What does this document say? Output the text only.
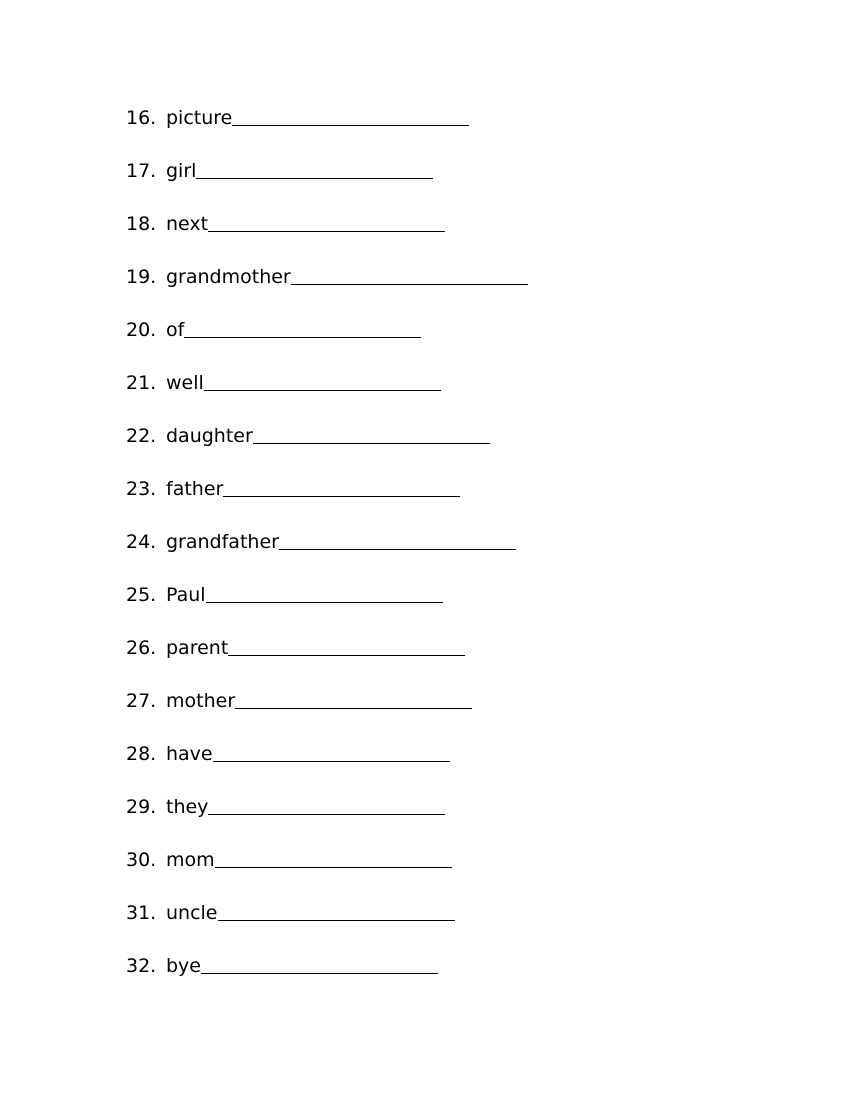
16. picture
17. girl
18. next
19. grandmother
20. of
21. well
22. daughter
23. father
24. grandfather
25. Paul
26. parent
27. mother
28. have
29. they
30. mom
31. uncle
32. bye
